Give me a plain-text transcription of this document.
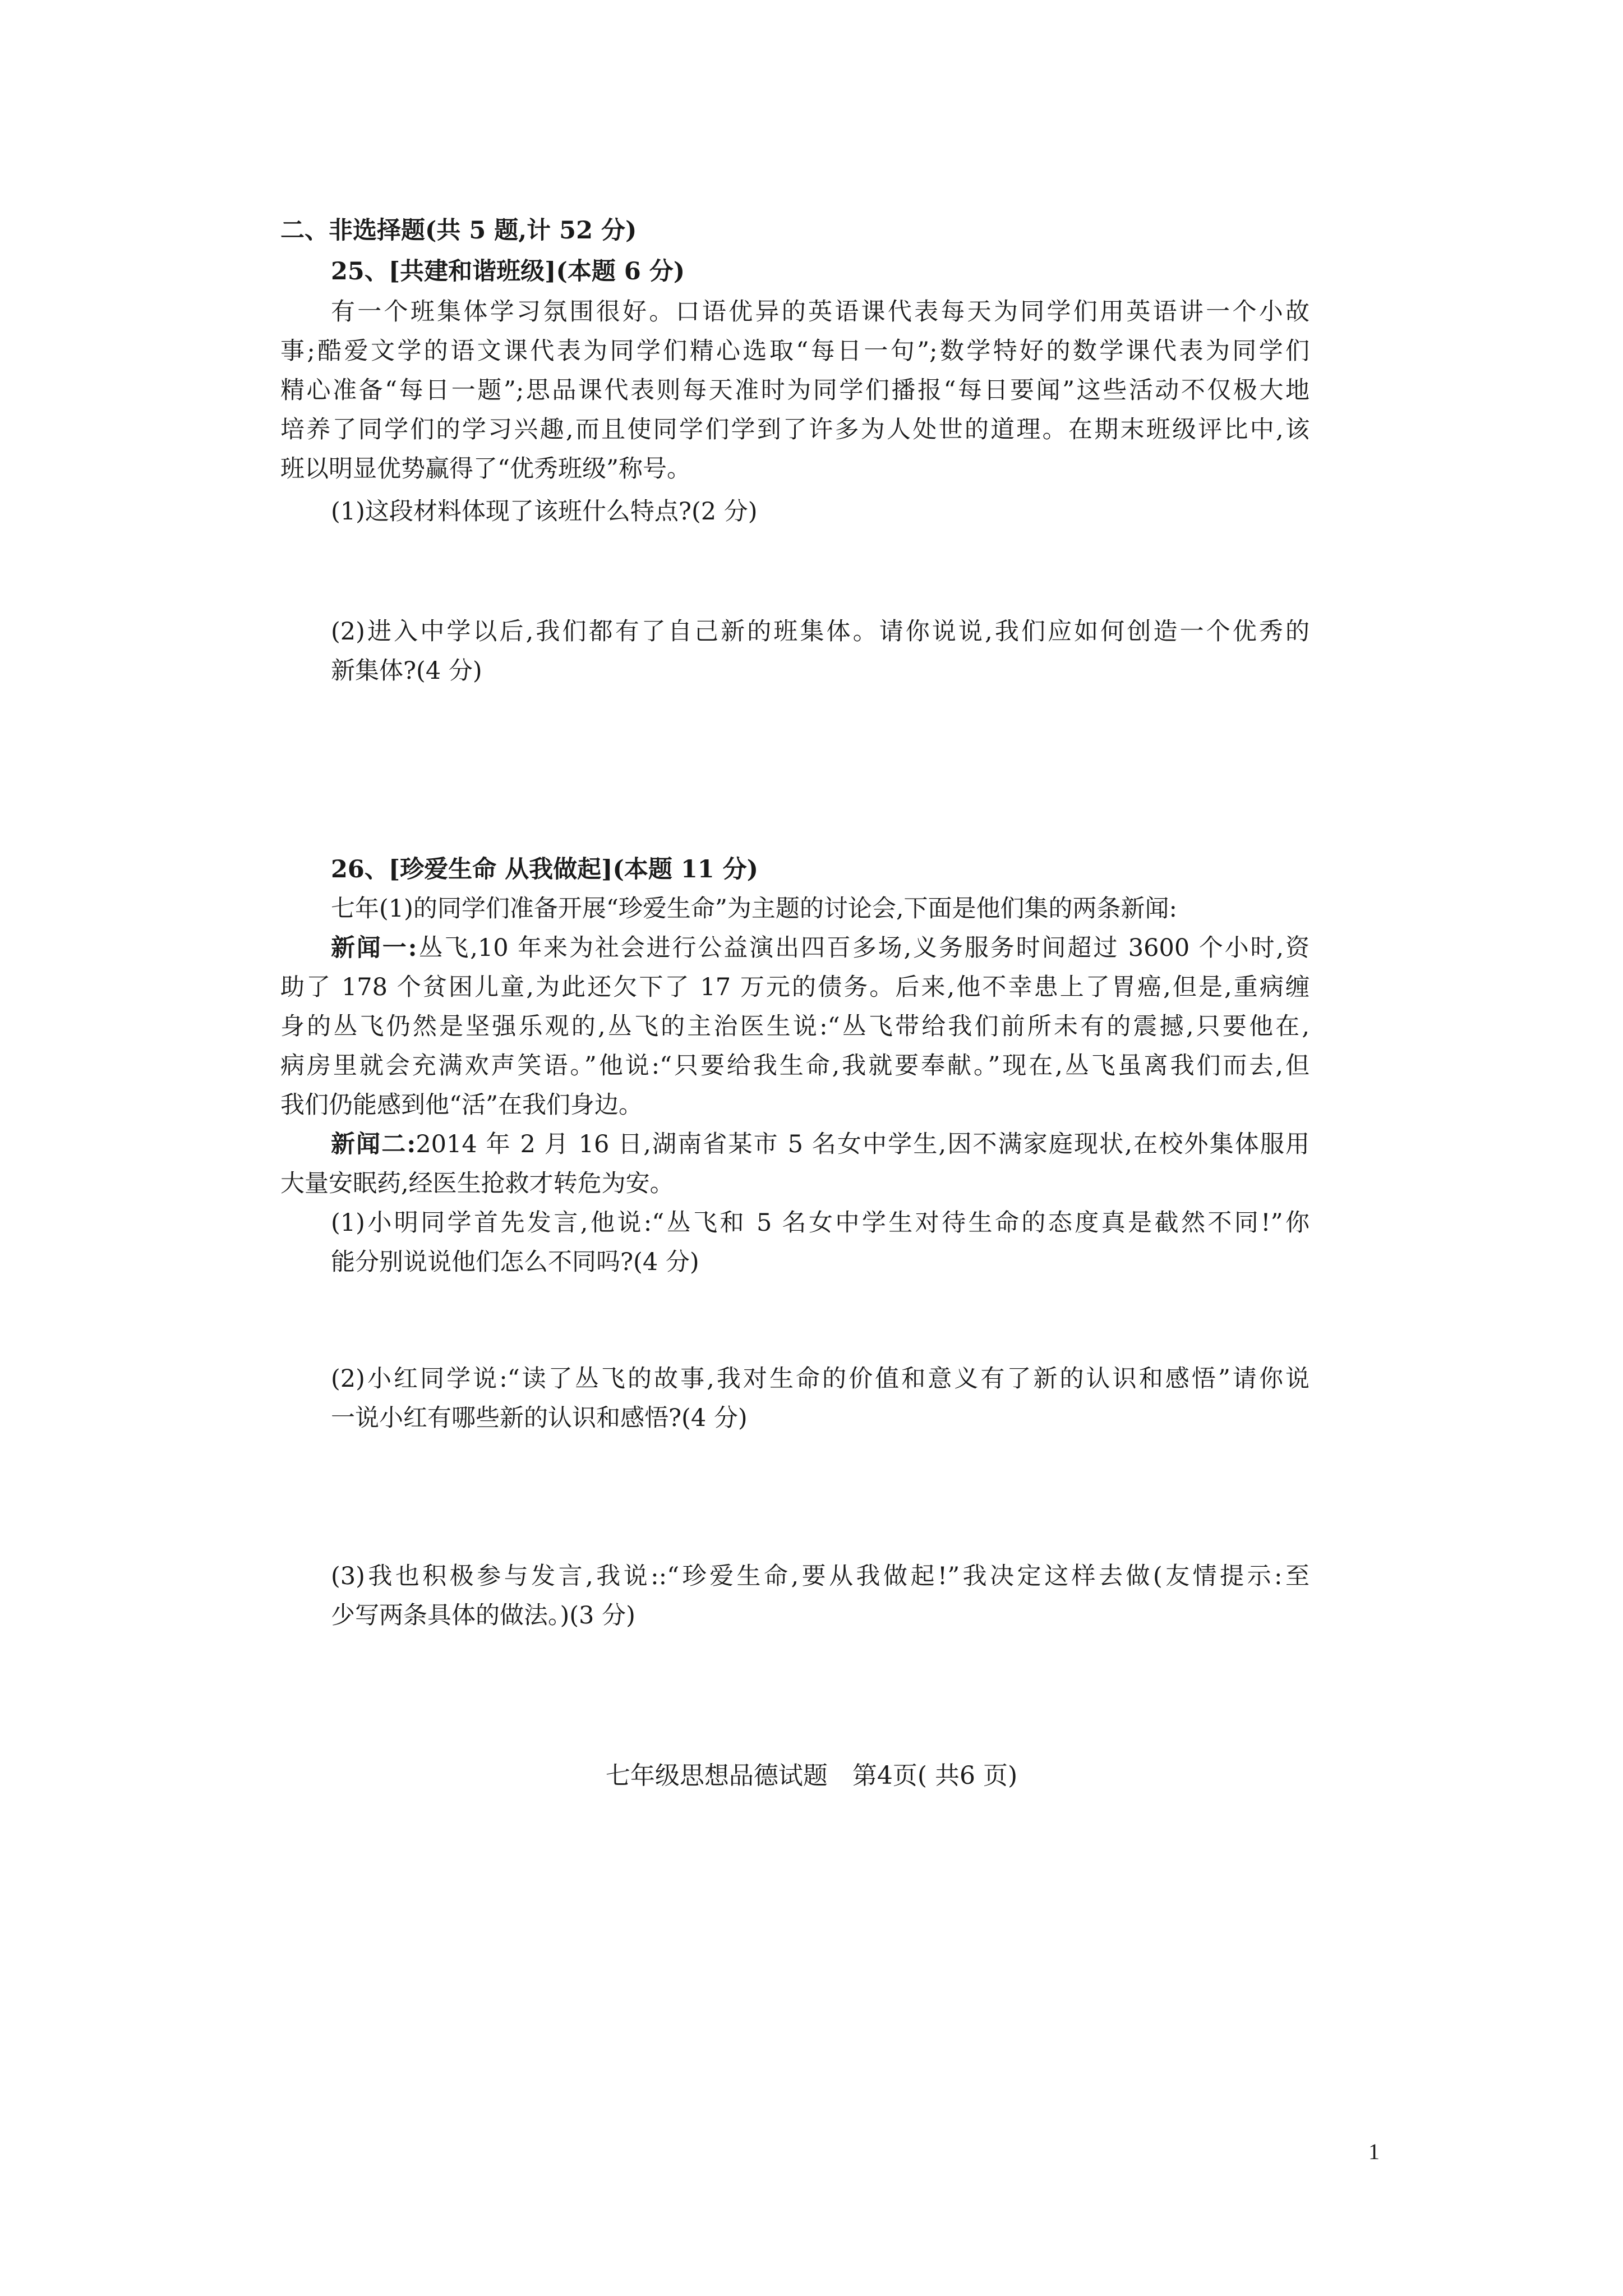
二、非选择题(共 5 题,计 52 分)
25、[共建和谐班级](本题 6 分)
有一个班集体学习氛围很好。口语优异的英语课代表每天为同学们用英语讲一个小故
事;酷爱文学的语文课代表为同学们精心选取“每日一句”;数学特好的数学课代表为同学们
精心准备“每日一题”;思品课代表则每天准时为同学们播报“每日要闻”这些活动不仅极大地
培养了同学们的学习兴趣,而且使同学们学到了许多为人处世的道理。在期末班级评比中,该
班以明显优势赢得了“优秀班级”称号。
(1)这段材料体现了该班什么特点?(2 分)
(2)进入中学以后,我们都有了自己新的班集体。请你说说,我们应如何创造一个优秀的
新集体?(4 分)
26、[珍爱生命 从我做起](本题 11 分)
七年(1)的同学们准备开展“珍爱生命”为主题的讨论会,下面是他们集的两条新闻:
新闻一:丛飞,10 年来为社会进行公益演出四百多场,义务服务时间超过 3600 个小时,资
助了 178 个贫困儿童,为此还欠下了 17 万元的债务。后来,他不幸患上了胃癌,但是,重病缠
身的丛飞仍然是坚强乐观的,丛飞的主治医生说:“丛飞带给我们前所未有的震撼,只要他在,
病房里就会充满欢声笑语。”他说:“只要给我生命,我就要奉献。”现在,丛飞虽离我们而去,但
我们仍能感到他“活”在我们身边。
新闻二:2014 年 2 月 16 日,湖南省某市 5 名女中学生,因不满家庭现状,在校外集体服用
大量安眠药,经医生抢救才转危为安。
(1)小明同学首先发言,他说:“丛飞和 5 名女中学生对待生命的态度真是截然不同!”你
能分别说说他们怎么不同吗?(4 分)
(2)小红同学说:“读了丛飞的故事,我对生命的价值和意义有了新的认识和感悟”请你说
一说小红有哪些新的认识和感悟?(4 分)
(3)我也积极参与发言,我说::“珍爱生命,要从我做起!”我决定这样去做(友情提示:至
少写两条具体的做法。)(3 分)
七年级思想品德试题　第4页( 共6 页)
1
